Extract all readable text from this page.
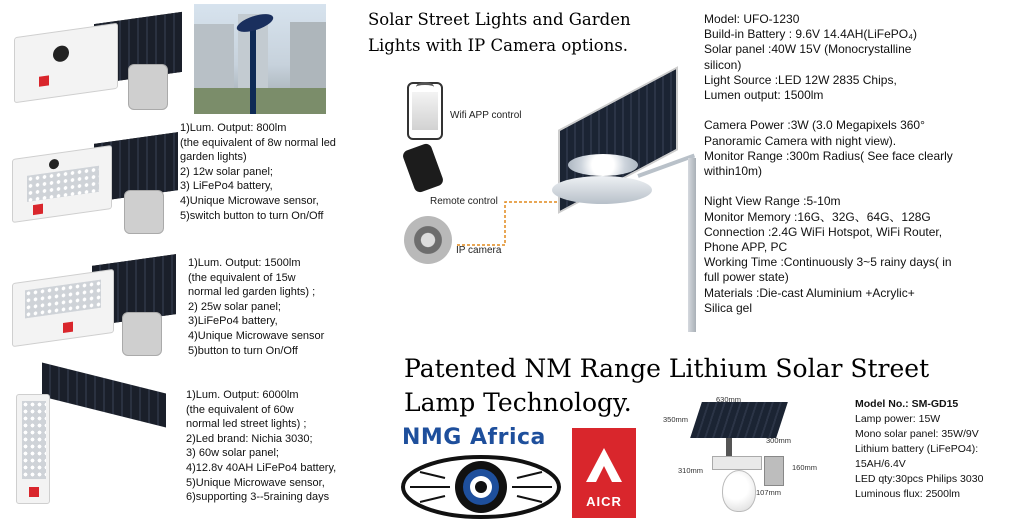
1)Lum. Output: 800lm
(the equivalent of 8w normal led
garden lights)
2) 12w solar panel;
3) LiFePo4 battery,
4)Unique Microwave sensor,
5)switch button to turn On/Off
1)Lum. Output: 1500lm
(the equivalent of 15w
normal led garden lights) ;
2) 25w solar panel;
3)LiFePo4 battery,
4)Unique Microwave sensor
5)button to turn On/Off
1)Lum. Output: 6000lm
(the equivalent of 60w
normal led street lights) ;
2)Led brand: Nichia 3030;
3) 60w solar panel;
4)12.8v 40AH LiFePo4 battery,
5)Unique Microwave sensor,
6)supporting 3--5raining days
Solar Street Lights and Garden
Lights with IP Camera options.
Wifi APP control
Remote control
IP camera
Model: UFO-1230
Build-in Battery : 9.6V 14.4AH(LiFePO₄)
Solar panel :40W 15V (Monocrystalline
silicon)
Light Source :LED 12W 2835 Chips,
Lumen output: 1500lm

Camera Power :3W (3.0 Megapixels 360°
Panoramic Camera with night view).
Monitor Range :300m Radius( See face clearly
within10m)

Night View Range :5-10m
Monitor Memory :16G、32G、64G、128G
Connection :2.4G WiFi Hotspot, WiFi Router,
Phone APP, PC
Working Time :Continuously 3~5 rainy days( in
full power state)
Materials :Die-cast Aluminium +Acrylic+
Silica gel
Patented NM Range Lithium Solar Street
Lamp Technology.
NMG Africa
AICR
630mm
350mm
300mm
310mm	160mm
107mm
Model No.: SM-GD15
Lamp power: 15W
Mono solar panel: 35W/9V
Lithium battery (LiFePO4):
15AH/6.4V
LED qty:30pcs Philips 3030
Luminous flux: 2500lm
